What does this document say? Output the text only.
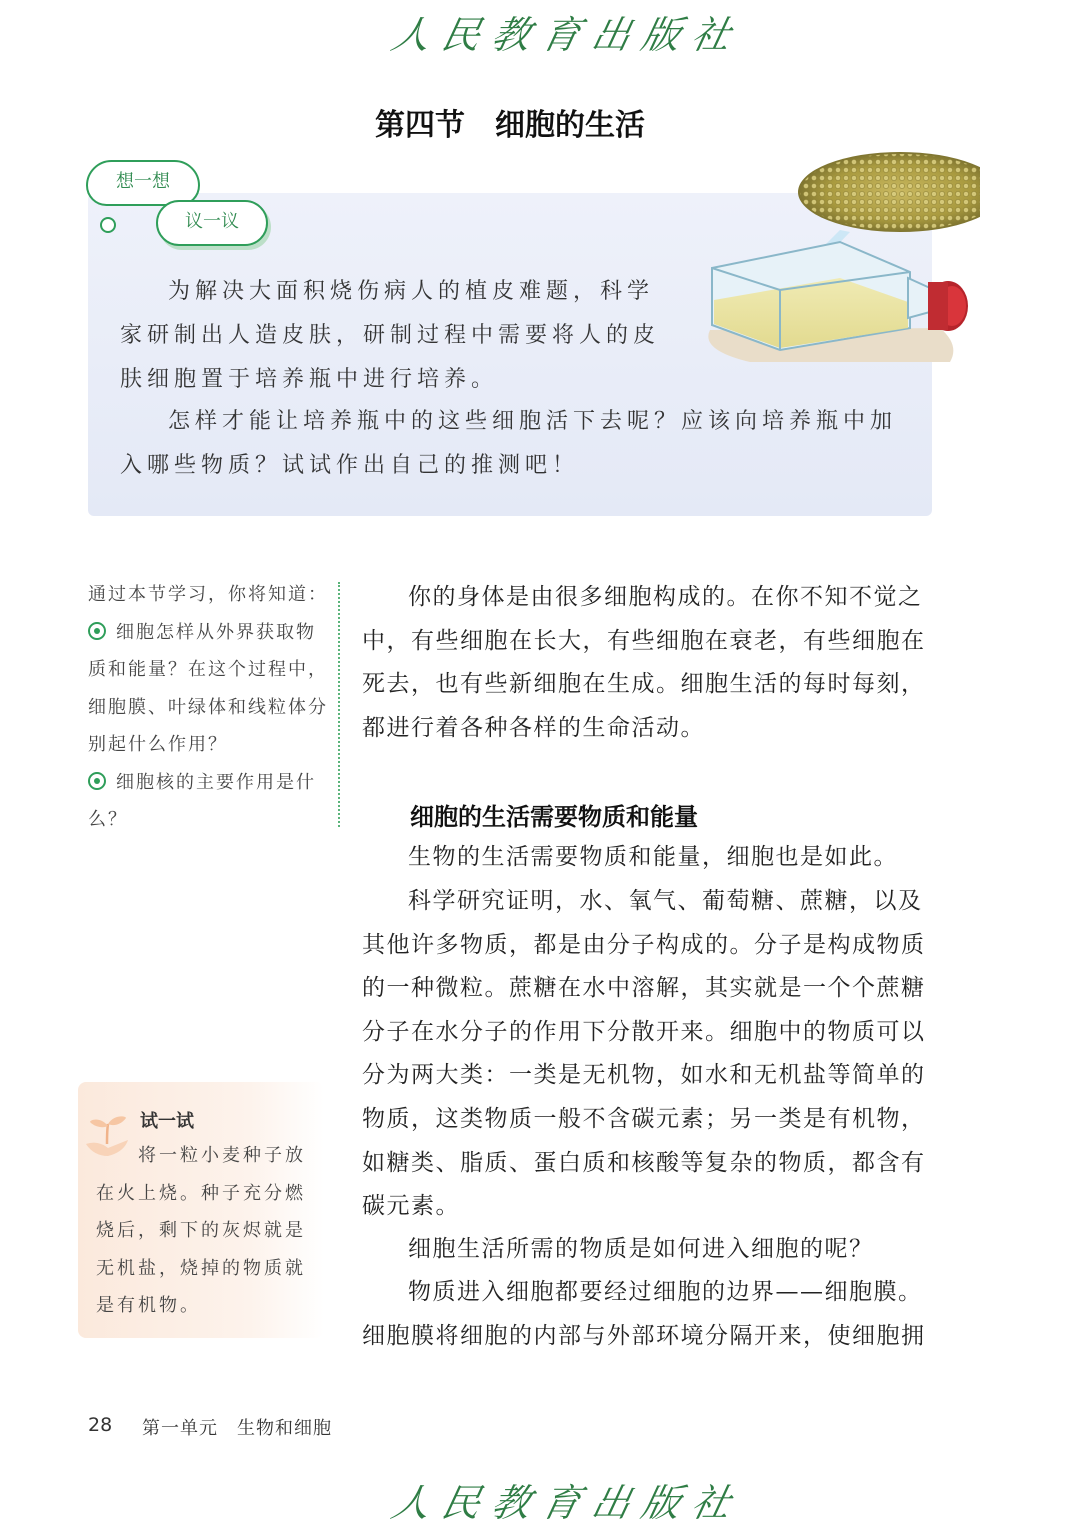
人民教育出版社
第四节　细胞的生活
想一想
议一议

为解决大面积烧伤病人的植皮难题，科学家研制出人造皮肤，研制过程中需要将人的皮肤细胞置于培养瓶中进行培养。

怎样才能让培养瓶中的这些细胞活下去呢？应该向培养瓶中加入哪些物质？试试作出自己的推测吧！

通过本节学习，你将知道：
细胞怎样从外界获取物质和能量？在这个过程中，细胞膜、叶绿体和线粒体分别起什么作用？
细胞核的主要作用是什么？

你的身体是由很多细胞构成的。在你不知不觉之中，有些细胞在长大，有些细胞在衰老，有些细胞在死去，也有些新细胞在生成。细胞生活的每时每刻，都进行着各种各样的生命活动。

细胞的生活需要物质和能量

生物的生活需要物质和能量，细胞也是如此。

科学研究证明，水、氧气、葡萄糖、蔗糖，以及其他许多物质，都是由分子构成的。分子是构成物质的一种微粒。蔗糖在水中溶解，其实就是一个个蔗糖分子在水分子的作用下分散开来。细胞中的物质可以分为两大类：一类是无机物，如水和无机盐等简单的物质，这类物质一般不含碳元素；另一类是有机物，如糖类、脂质、蛋白质和核酸等复杂的物质，都含有碳元素。

细胞生活所需的物质是如何进入细胞的呢？

物质进入细胞都要经过细胞的边界——细胞膜。细胞膜将细胞的内部与外部环境分隔开来，使细胞拥

试一试

将一粒小麦种子放在火上烧。种子充分燃烧后，剩下的灰烬就是无机盐，烧掉的物质就是有机物。

28 第一单元　生物和细胞
人民教育出版社
